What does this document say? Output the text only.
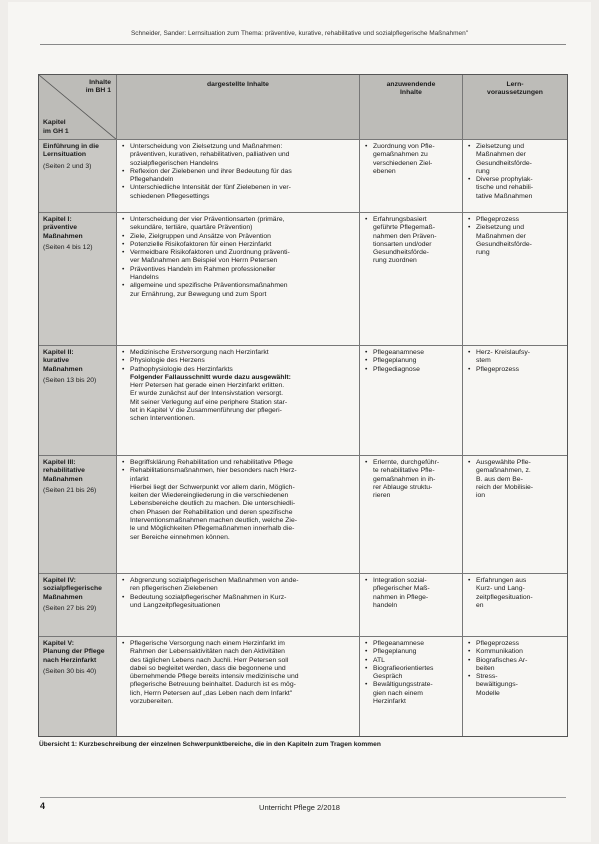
Schneider, Sander: Lernsituation zum Thema: präventive, kurative, rehabilitative und sozialpflegerische Maßnahmen"
Inhalte
im BH 1
Kapitel
im GH 1
dargestellte Inhalte	anzuwendende
Inhalte
Lern-
voraussetzungen
Einführung in die
Lernsituation
(Seiten 2 und 3)
• Unterscheidung von Zielsetzung und Maßnahmen:
präventiven, kurativen, rehabilitativen, palliativen und
sozialpflegerischen Handelns
• Reflexion der Zielebenen und ihrer Bedeutung für das
Pflegehandeln
• Unterschiedliche Intensität der fünf Zielebenen in ver-
schiedenen Pflegesettings
• Zuordnung von Pfle-
gemaßnahmen zu
verschiedenen Ziel-
ebenen
• Zielsetzung und
Maßnahmen der
Gesundheitsförde-
rung
• Diverse prophylak-
tische und rehabili-
tative Maßnahmen
Kapitel I:
präventive
Maßnahmen
(Seiten 4 bis 12)
• Unterscheidung der vier Präventionsarten (primäre,
sekundäre, tertiäre, quartäre Prävention)
• Ziele, Zielgruppen und Ansätze von Prävention
• Potenzielle Risikofaktoren für einen Herzinfarkt
• Vermeidbare Risikofaktoren und Zuordnung präventi-
ver Maßnahmen am Beispiel von Herrn Petersen
• Präventives Handeln im Rahmen professioneller
Handelns
• allgemeine und spezifische Präventionsmaßnahmen
zur Ernährung, zur Bewegung und zum Sport
• Erfahrungsbasiert
geführte Pflegemaß-
nahmen den Präven-
tionsarten und/oder
Gesundheitsförde-
rung zuordnen
• Pflegeprozess
• Zielsetzung und
Maßnahmen der
Gesundheitsförde-
rung
Kapitel II:
kurative
Maßnahmen
(Seiten 13 bis 20)
• Medizinische Erstversorgung nach Herzinfarkt
• Physiologie des Herzens
• Pathophysiologie des Herzinfarkts
Folgender Fallausschnitt wurde dazu ausgewählt:
Herr Petersen hat gerade einen Herzinfarkt erlitten.
Er wurde zunächst auf der Intensivstation versorgt.
Mit seiner Verlegung auf eine periphere Station star-
tet in Kapitel V die Zusammenführung der pflegeri-
schen Interventionen.
• Pflegeanamnese
• Pflegeplanung
• Pflegediagnose
• Herz- Kreislaufsy-
stem
• Pflegeprozess
Kapitel III:
rehabilitative
Maßnahmen
(Seiten 21 bis 26)
• Begriffsklärung Rehabilitation und rehabilitative Pflege
• Rehabilitationsmaßnahmen, hier besonders nach Herz-
infarkt
Hierbei liegt der Schwerpunkt vor allem darin, Möglich-
keiten der Wiedereingliederung in die verschiedenen
Lebensbereiche deutlich zu machen. Die unterschiedli-
chen Phasen der Rehabilitation und deren spezifische
Interventionsmaßnahmen machen deutlich, welche Zie-
le und Möglichkeiten Pflegemaßnahmen innerhalb die-
ser Bereiche einnehmen können.
• Erlernte, durchgeführ-
te rehabilitative Pfle-
gemaßnahmen in ih-
rer Ablauge struktu-
rieren
• Ausgewählte Pfle-
gemaßnahmen, z.
B. aus dem Be-
reich der Mobilisie-
ion
Kapitel IV:
sozialpflegerische
Maßnahmen
(Seiten 27 bis 29)
• Abgrenzung sozialpflegerischen Maßnahmen von ande-
ren pflegerischen Zielebenen
• Bedeutung sozialpflegerischer Maßnahmen in Kurz-
und Langzeitpflegesituationen
• Integration sozial-
pflegerischer Maß-
nahmen in Pflege-
handeln
• Erfahrungen aus
Kurz- und Lang-
zeitpflegesituation-
en
Kapitel V:
Planung der Pflege
nach Herzinfarkt
(Seiten 30 bis 40)
• Pflegerische Versorgung nach einem Herzinfarkt im
Rahmen der Lebensaktivitäten nach den Aktivitäten
des täglichen Lebens nach Juchli. Herr Petersen soll
dabei so begleitet werden, dass die begonnene und
übernehmende Pflege bereits intensiv medizinische und
pflegerische Betreuung beinhaltet. Dadurch ist es mög-
lich, Herrn Petersen auf „das Leben nach dem Infarkt"
vorzubereiten.
• Pflegeanamnese
• Pflegeplanung
• ATL
• Biografieorientiertes
Gespräch
• Bewältigungsstrate-
gien nach einem
Herzinfarkt
• Pflegeprozess
• Kommunikation
• Biografisches Ar-
beiten
• Stress-
bewältigungs-
Modelle
Übersicht 1: Kurzbeschreibung der einzelnen Schwerpunktbereiche, die in den Kapiteln zum Tragen kommen
4	Unterricht Pflege 2/2018
